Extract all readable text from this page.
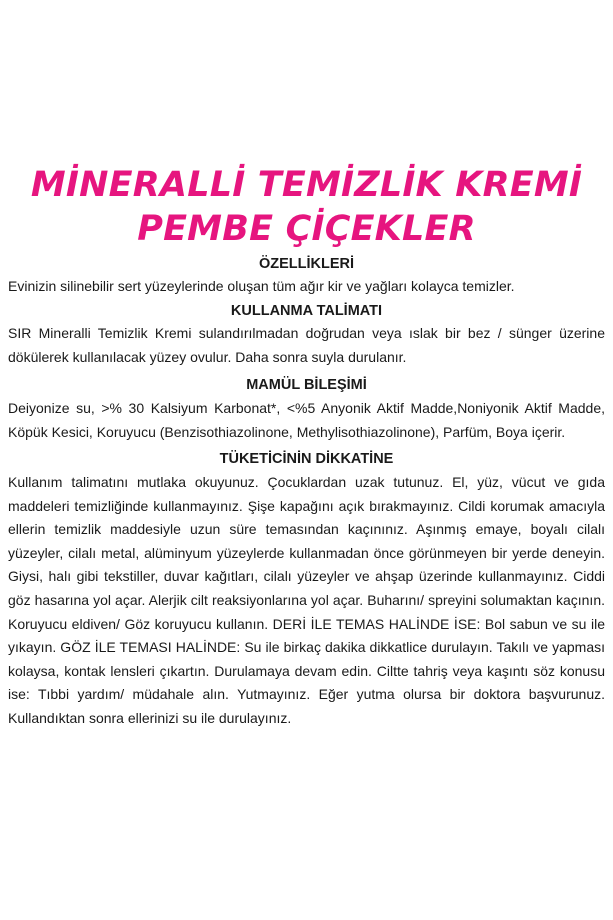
MİNERALLİ TEMİZLİK KREMİ
PEMBE ÇİÇEKLER
ÖZELLİKLERİ

Evinizin silinebilir sert yüzeylerinde oluşan tüm ağır kir ve yağları kolayca temizler.

KULLANMA TALİMATI

SIR Mineralli Temizlik Kremi sulandırılmadan doğrudan veya ıslak bir bez / sünger üzerine dökülerek kullanılacak yüzey ovulur. Daha sonra suyla durulanır.

MAMÜL BİLEŞİMİ

Deiyonize su, >% 30 Kalsiyum Karbonat*, <%5 Anyonik Aktif Madde,Noniyonik Aktif Madde, Köpük Kesici, Koruyucu (Benzisothiazolinone, Methylisothiazolinone), Parfüm, Boya içerir.

TÜKETİCİNİN DİKKATİNE

Kullanım talimatını mutlaka okuyunuz. Çocuklardan uzak tutunuz. El, yüz, vücut ve gıda maddeleri temizliğinde kullanmayınız. Şişe kapağını açık bırakmayınız. Cildi korumak amacıyla ellerin temizlik maddesiyle uzun süre temasından kaçınınız. Aşınmış emaye, boyalı cilalı yüzeyler, cilalı metal, alüminyum yüzeylerde kullanmadan önce görünmeyen bir yerde deneyin. Giysi, halı gibi tekstiller, duvar kağıtları, cilalı yüzeyler ve ahşap üzerinde kullanmayınız. Ciddi göz hasarına yol açar. Alerjik cilt reaksiyonlarına yol açar. Buharını/ spreyini solumaktan kaçının. Koruyucu eldiven/ Göz koruyucu kullanın. DERİ İLE TEMAS HALİNDE İSE: Bol sabun ve su ile yıkayın. GÖZ İLE TEMASI HALİNDE: Su ile birkaç dakika dikkatlice durulayın. Takılı ve yapması kolaysa, kontak lensleri çıkartın. Durulamaya devam edin. Ciltte tahriş veya kaşıntı söz konusu ise: Tıbbi yardım/ müdahale alın. Yutmayınız. Eğer yutma olursa bir doktora başvurunuz. Kullandıktan sonra ellerinizi su ile durulayınız.
